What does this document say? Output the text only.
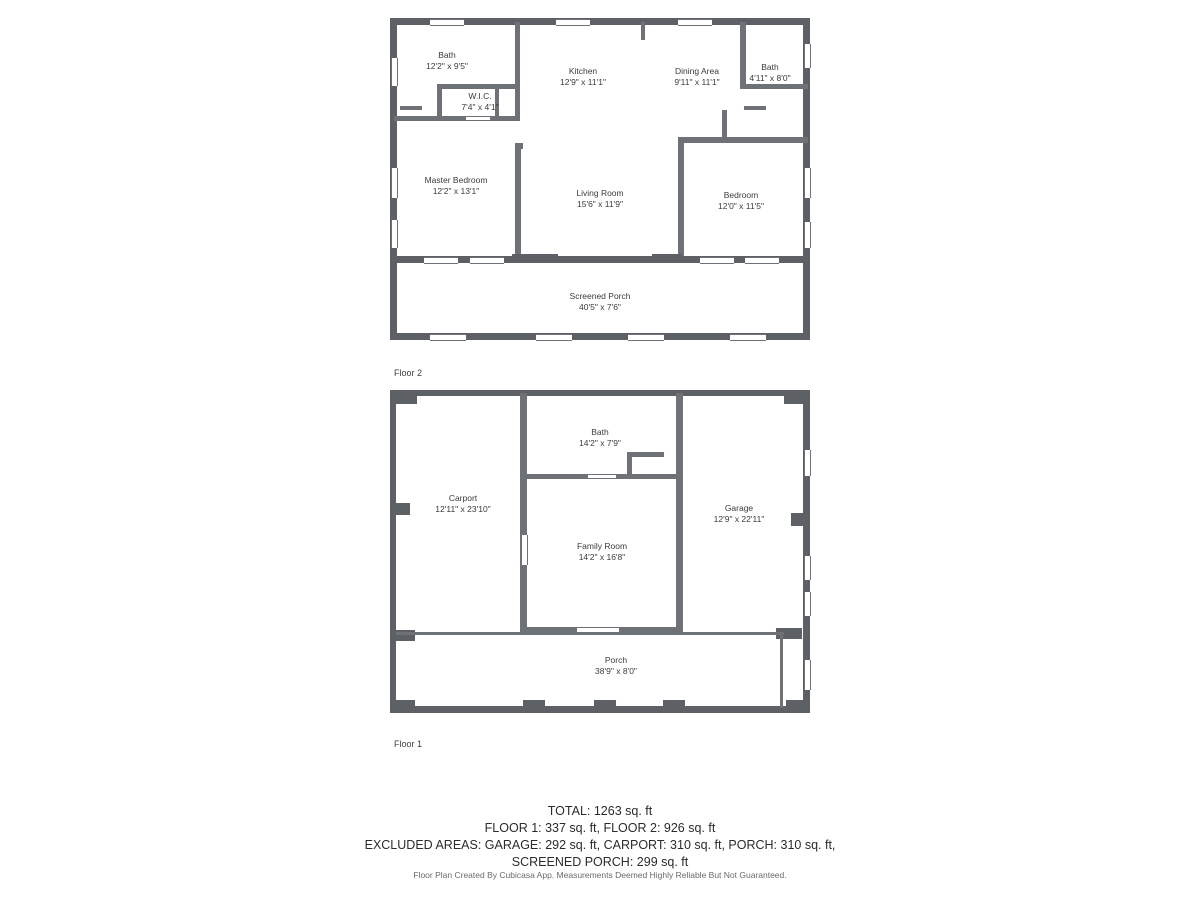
Bath
12'2" x 9'5"	Kitchen
12'9" x 11'1"
Dining Area
9'11" x 11'1"
Bath
4'11" x 8'0"
W.I.C.
7'4" x 4'1"
Master Bedroom
12'2" x 13'1"	Living Room
15'6" x 11'9"
Bedroom
12'0" x 11'5"
Screened Porch
40'5" x 7'6"
Floor 2
Bath
14'2" x 7'9"
Carport
12'11" x 23'10"	Garage
12'9" x 22'11"
Family Room
14'2" x 16'8"
Porch
38'9" x 8'0"
Floor 1
TOTAL: 1263 sq. ft
FLOOR 1: 337 sq. ft, FLOOR 2: 926 sq. ft
EXCLUDED AREAS: GARAGE: 292 sq. ft, CARPORT: 310 sq. ft, PORCH: 310 sq. ft,
SCREENED PORCH: 299 sq. ft
Floor Plan Created By Cubicasa App. Measurements Deemed Highly Reliable But Not Guaranteed.
